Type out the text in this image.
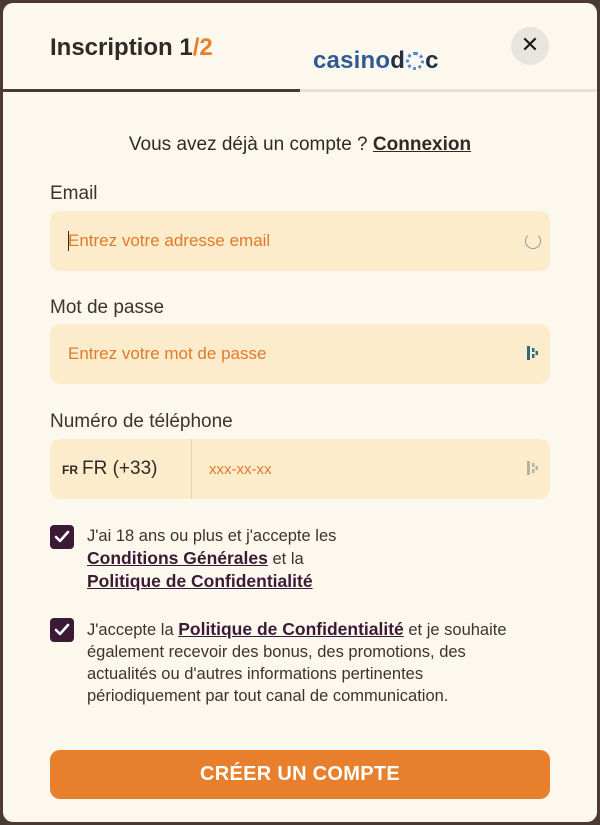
Inscription 1/2	casinod c
✕
Vous avez déjà un compte ? Connexion
Email
Entrez votre adresse email
Mot de passe
Numéro de téléphone
FR FR (+33)
xxx-xx-xx
J'ai 18 ans ou plus et j'accepte les
Conditions Générales et la
Politique de Confidentialité
J'accepte la Politique de Confidentialité et je souhaite également recevoir des bonus, des promotions, des actualités ou d'autres informations pertinentes périodiquement par tout canal de communication.
CRÉER UN COMPTE
